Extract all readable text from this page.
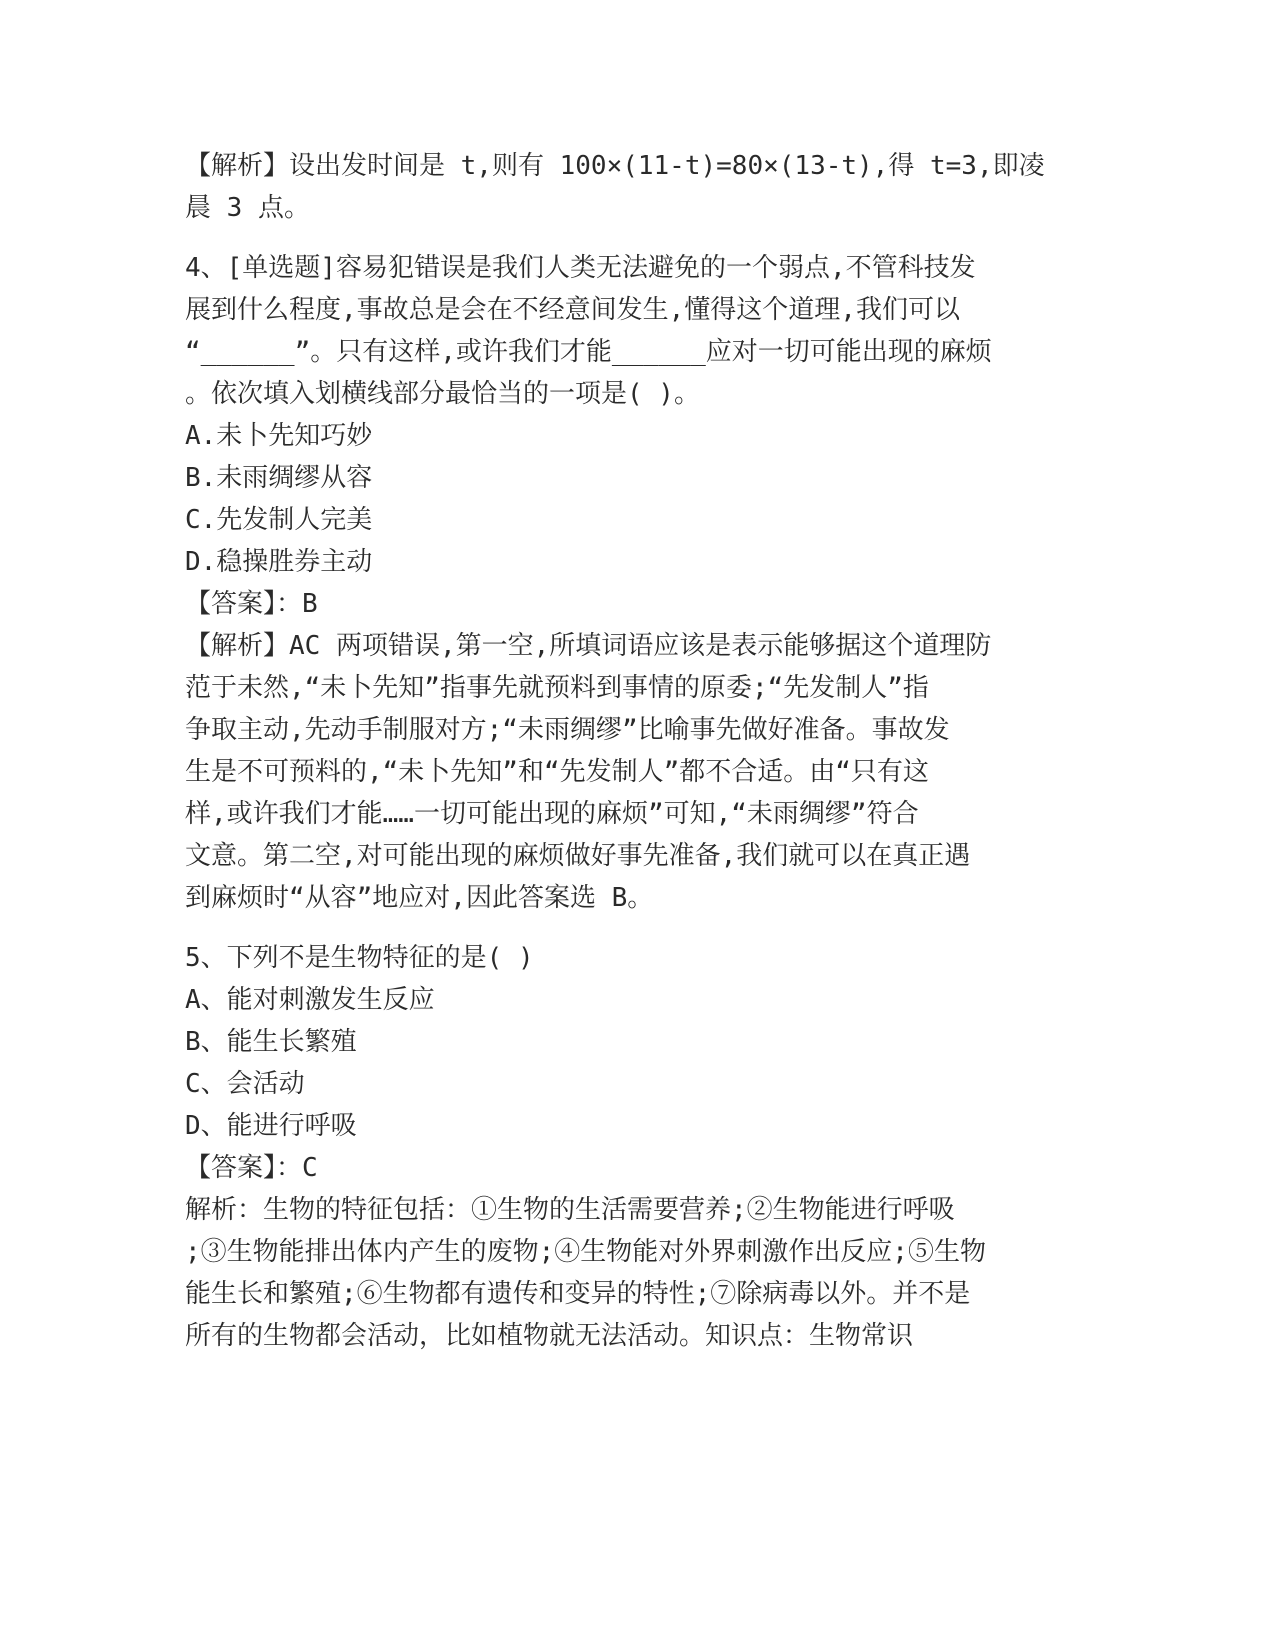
【解析】设出发时间是 t,则有 100×(11-t)=80×(13-t),得 t=3,即凌
晨 3 点。
4、[单选题]容易犯错误是我们人类无法避免的一个弱点,不管科技发
展到什么程度,事故总是会在不经意间发生,懂得这个道理,我们可以
“______”。只有这样,或许我们才能______应对一切可能出现的麻烦
。依次填入划横线部分最恰当的一项是( )。
A.未卜先知巧妙
B.未雨绸缪从容
C.先发制人完美
D.稳操胜券主动
【答案】：B
【解析】AC 两项错误,第一空,所填词语应该是表示能够据这个道理防
范于未然,“未卜先知”指事先就预料到事情的原委;“先发制人”指
争取主动,先动手制服对方;“未雨绸缪”比喻事先做好准备。事故发
生是不可预料的,“未卜先知”和“先发制人”都不合适。由“只有这
样,或许我们才能……一切可能出现的麻烦”可知,“未雨绸缪”符合
文意。第二空,对可能出现的麻烦做好事先准备,我们就可以在真正遇
到麻烦时“从容”地应对,因此答案选 B。
5、下列不是生物特征的是( )
A、能对刺激发生反应
B、能生长繁殖
C、会活动
D、能进行呼吸
【答案】：C
解析：生物的特征包括：①生物的生活需要营养;②生物能进行呼吸
;③生物能排出体内产生的废物;④生物能对外界刺激作出反应;⑤生物
能生长和繁殖;⑥生物都有遗传和变异的特性;⑦除病毒以外。并不是
所有的生物都会活动，比如植物就无法活动。知识点：生物常识
